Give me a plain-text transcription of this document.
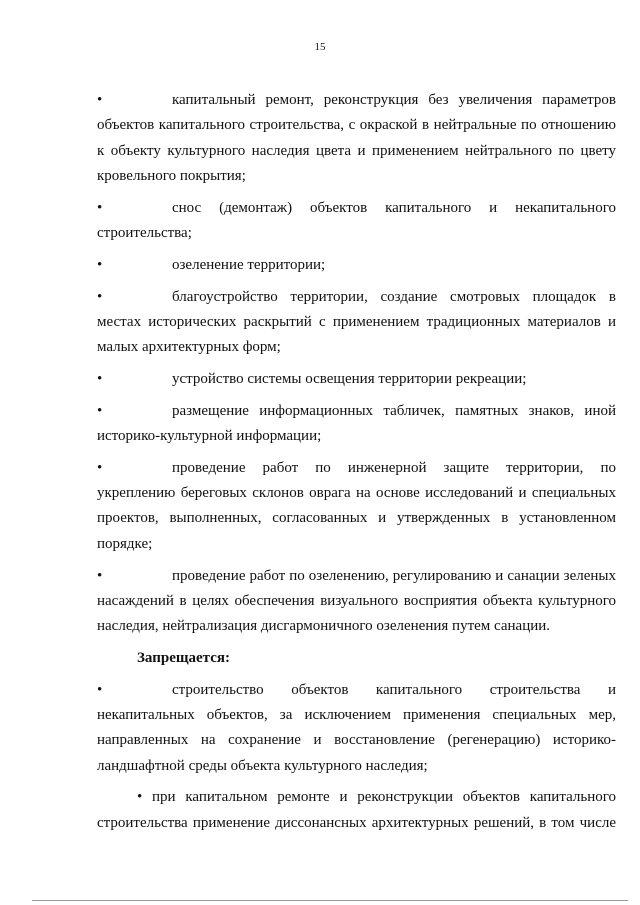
15

•	капитальный ремонт, реконструкция без увеличения параметров объектов капитального строительства, с окраской в нейтральные по отношению к объекту культурного наследия цвета и применением нейтрального по цвету кровельного покрытия;

•	снос (демонтаж) объектов капитального и некапитального строительства;

•	озеленение территории;

•	благоустройство территории, создание смотровых площадок в местах исторических раскрытий с применением традиционных материалов и малых архитектурных форм;

•	устройство системы освещения территории рекреации;

•	размещение информационных табличек, памятных знаков, иной историко-культурной информации;

•	проведение работ по инженерной защите территории, по укреплению береговых склонов оврага на основе исследований и специальных проектов, выполненных, согласованных и утвержденных в установленном порядке;

•	проведение работ по озеленению, регулированию и санации зеленых насаждений в целях обеспечения визуального восприятия объекта культурного наследия, нейтрализация дисгармоничного озеленения путем санации.

Запрещается:

•	строительство объектов капитального строительства и некапитальных объектов, за исключением применения специальных мер, направленных на сохранение и восстановление (регенерацию) историко-ландшафтной среды объекта культурного наследия;

• при капитальном ремонте и реконструкции объектов капитального строительства применение диссонансных архитектурных решений, в том числе
